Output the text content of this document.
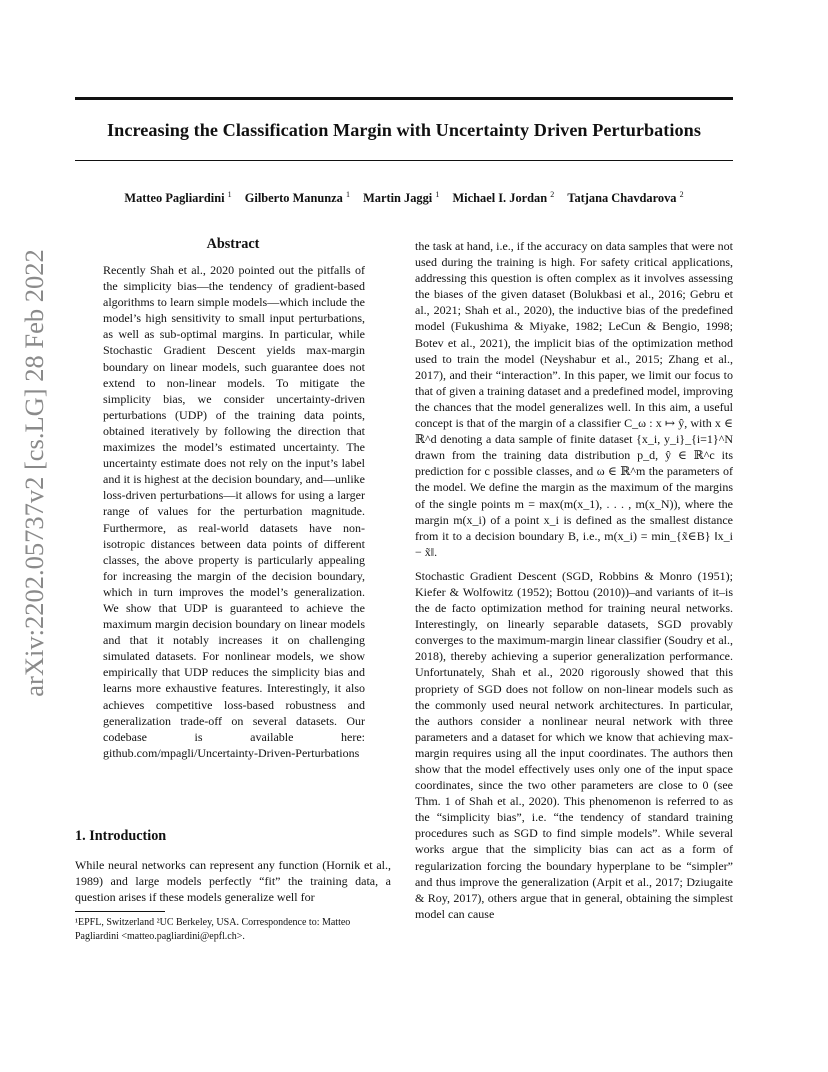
Increasing the Classification Margin with Uncertainty Driven Perturbations
Matteo Pagliardini $^1$ Gilberto Manunza $^1$ Martin Jaggi $^1$ Michael I. Jordan $^2$ Tatjana Chavdarova $^2$
arXiv:2202.05737v2 [cs.LG] 28 Feb 2022
Abstract

Recently Shah et al., 2020 pointed out the pitfalls of the simplicity bias—the tendency of gradient-based algorithms to learn simple models—which include the model’s high sensitivity to small input perturbations, as well as sub-optimal margins. In particular, while Stochastic Gradient Descent yields max-margin boundary on linear models, such guarantee does not extend to non-linear models. To mitigate the simplicity bias, we consider uncertainty-driven perturbations (UDP) of the training data points, obtained iteratively by following the direction that maximizes the model’s estimated uncertainty. The uncertainty estimate does not rely on the input’s label and it is highest at the decision boundary, and—unlike loss-driven perturbations—it allows for using a larger range of values for the perturbation magnitude. Furthermore, as real-world datasets have non-isotropic distances between data points of different classes, the above property is particularly appealing for increasing the margin of the decision boundary, which in turn improves the model’s generalization. We show that UDP is guaranteed to achieve the maximum margin decision boundary on linear models and that it notably increases it on challenging simulated datasets. For nonlinear models, we show empirically that UDP reduces the simplicity bias and learns more exhaustive features. Interestingly, it also achieves competitive loss-based robustness and generalization trade-off on several datasets. Our codebase is available here: github.com/mpagli/Uncertainty-Driven-Perturbations

1. Introduction

While neural networks can represent any function (Hornik et al., 1989) and large models perfectly “fit” the training data, a question arises if these models generalize well for

¹EPFL, Switzerland ²UC Berkeley, USA. Correspondence to: Matteo Pagliardini <matteo.pagliardini@epfl.ch>.

the task at hand, i.e., if the accuracy on data samples that were not used during the training is high. For safety critical applications, addressing this question is often complex as it involves assessing the biases of the given dataset (Bolukbasi et al., 2016; Gebru et al., 2021; Shah et al., 2020), the inductive bias of the predefined model (Fukushima & Miyake, 1982; LeCun & Bengio, 1998; Botev et al., 2021), the implicit bias of the optimization method used to train the model (Neyshabur et al., 2015; Zhang et al., 2017), and their “interaction”. In this paper, we limit our focus to that of given a training dataset and a predefined model, improving the chances that the model generalizes well. In this aim, a useful concept is that of the margin of a classifier C_ω : x ↦ ŷ, with x ∈ ℝ^d denoting a data sample of finite dataset {x_i, y_i}_{i=1}^N drawn from the training data distribution p_d, ŷ ∈ ℝ^c its prediction for c possible classes, and ω ∈ ℝ^m the parameters of the model. We define the margin as the maximum of the margins of the single points m = max(m(x_1), . . . , m(x_N)), where the margin m(x_i) of a point x_i is defined as the smallest distance from it to a decision boundary B, i.e., m(x_i) = min_{x̃∈B} ‖x_i − x̃‖.

Stochastic Gradient Descent (SGD, Robbins & Monro (1951); Kiefer & Wolfowitz (1952); Bottou (2010))–and variants of it–is the de facto optimization method for training neural networks. Interestingly, on linearly separable datasets, SGD provably converges to the maximum-margin linear classifier (Soudry et al., 2018), thereby achieving a superior generalization performance. Unfortunately, Shah et al., 2020 rigorously showed that this propriety of SGD does not follow on non-linear models such as the commonly used neural network architectures. In particular, the authors consider a nonlinear neural network with three parameters and a dataset for which we know that achieving max-margin requires using all the input coordinates. The authors then show that the model effectively uses only one of the input space coordinates, since the two other parameters are close to 0 (see Thm. 1 of Shah et al., 2020). This phenomenon is referred to as the “simplicity bias”, i.e. “the tendency of standard training procedures such as SGD to find simple models”. While several works argue that the simplicity bias can act as a form of regularization forcing the boundary hyperplane to be “simpler” and thus improve the generalization (Arpit et al., 2017; Dziugaite & Roy, 2017), others argue that in general, obtaining the simplest model can cause
